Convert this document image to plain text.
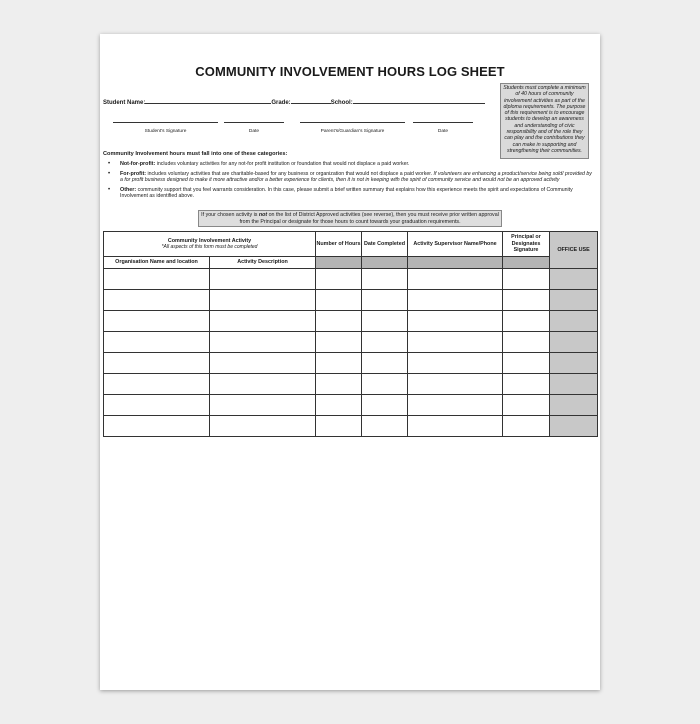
COMMUNITY INVOLVEMENT HOURS LOG SHEET
Students must complete a minimum of 40 hours of community involvement activities as part of the diploma requirements. The purpose of this requirement is to encourage students to develop an awareness and understanding of civic responsibility and of the role they can play and the contributions they can make in supporting and strengthening their communities.
Student Name:	Grade:	School:
Student's Signature	Date	Parent's/Guardian's Signature	Date
Community Involvement hours must fall into one of these categories:
• Not-for-profit: includes voluntary activities for any not-for profit institution or foundation that would not displace a paid worker.
• For-profit: includes voluntary activities that are charitable-based for any business or organization that would not displace a paid worker. If volunteers are enhancing a product/service being sold/ provided by a for profit business designed to make it more attractive and/or a better experience for clients, then it is not in keeping with the spirit of community service and would not be an approved activity
• Other: community support that you feel warrants consideration. In this case, please submit a brief written summary that explains how this experience meets the spirit and expectations of Community Involvement as identified above.
If your chosen activity is not on the list of District Approved activities (see reverse), then you must receive prior written approval from the Principal or designate for those hours to count towards your graduation requirements.
Community Involvement Activity
*All aspects of this form must be completed		Number of Hours	Date Completed	Activity Supervisor Name/Phone	Principal or Designates Signature	OFFICE USE
Organisation Name and location	Activity Description					
